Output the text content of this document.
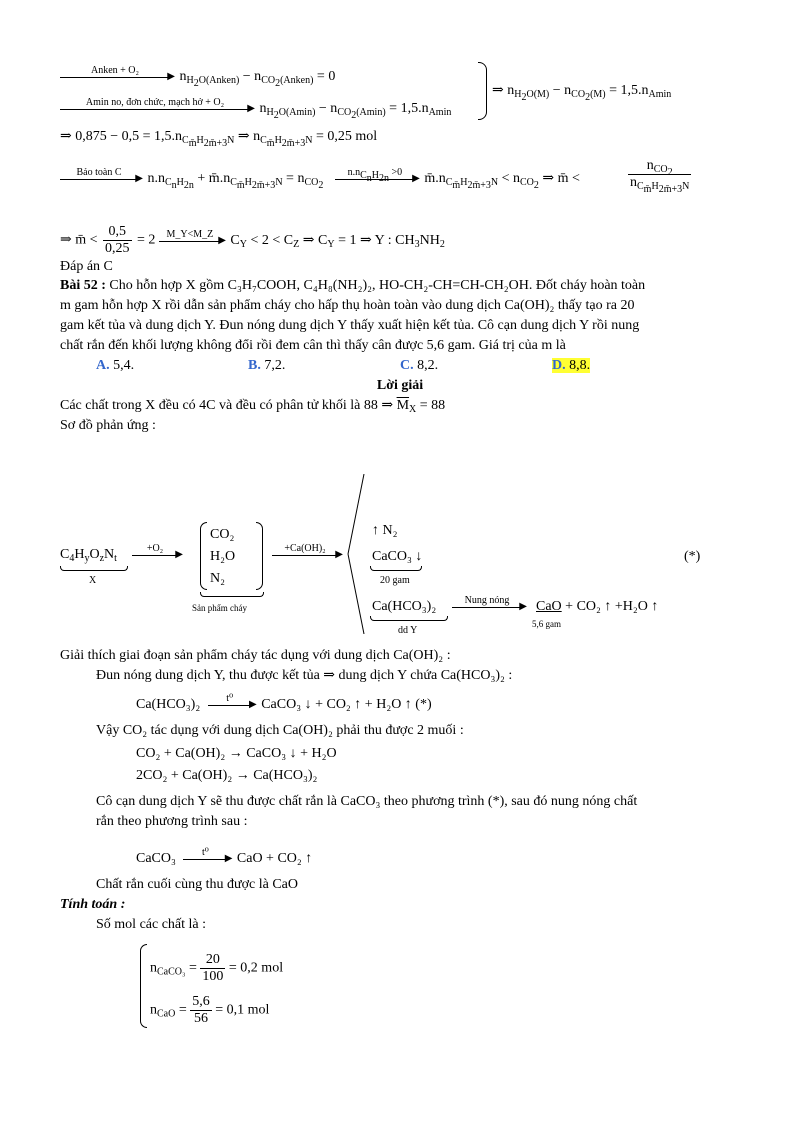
Anken + O₂
▶ $n_{H_2O(Anken)} - n_{CO_2(Anken)} = 0$
Amin no, đơn chức, mạch hở + O₂
▶ $n_{H_2O(Amin)} - n_{CO_2(Amin)} = 1,5.n_{Amin}$
⇒ $n_{H_2O(M)} - n_{CO_2(M)} = 1,5.n_{Amin}$
⇒ $0,875 - 0,5 = 1,5.n_{C_{m̄}H_{2m̄+3}N}$ ⇒ $n_{C_{m̄}H_{2m̄+3}N} = 0,25$ mol
Bảo toàn C
▶ $n.n_{C_nH_{2n}}$ + $m̄.n_{C_{m̄}H_{2m̄+3}N} = n_{CO_2}$
$n.n_{C_nH_{2n}} >0$
▶ $m̄.n_{C_{m̄}H_{2m̄+3}N} < n_{CO_2}$ ⇒ m̄ <
$n_{CO_2}$
$n_{C_{m̄}H_{2m̄+3}N}$
⇒ m̄ < $\frac{0,5}{0,25} = 2$ M_Y<M_Z
▶ $C_Y < 2 < C_Z$ ⇒ $C_Y = 1$ ⇒ Y : $CH_3NH_2$
Đáp án C
Bài 52 : Cho hỗn hợp X gồm C₃H₇COOH, C₄H₈(NH₂)₂, HO-CH₂-CH=CH-CH₂OH. Đốt cháy hoàn toàn
m gam hỗn hợp X rồi dẫn sản phẩm cháy cho hấp thụ hoàn toàn vào dung dịch Ca(OH)₂ thấy tạo ra 20
gam kết tủa và dung dịch Y. Đun nóng dung dịch Y thấy xuất hiện kết tủa. Cô cạn dung dịch Y rồi nung
chất rắn đến khối lượng không đổi rồi đem cân thì thấy cân được 5,6 gam. Giá trị của m là
A. 5,4.	B. 7,2.	C. 8,2.	D. 8,8.
Lời giải
Các chất trong X đều có 4C và đều có phân tử khối là 88 ⇒ $\overline{M}_X = 88$
Sơ đồ phản ứng :
$C_4H_yO_zN_t$
X
+O₂
▶
CO₂
H₂O
N₂
Sản phẩm cháy
+Ca(OH)₂
▶
↑ N₂
CaCO₃ ↓
20 gam
Ca(HCO₃)₂
dd Y
Nung nóng
▶ CaO + CO₂ ↑ +H₂O ↑
5,6 gam
(*)
Giải thích giai đoạn sản phẩm cháy tác dụng với dung dịch Ca(OH)₂ :
Đun nóng dung dịch Y, thu được kết tủa ⇒ dung dịch Y chứa Ca(HCO₃)₂ :
Ca(HCO₃)₂	t⁰
▶ CaCO₃ ↓ + CO₂ ↑ + H₂O ↑ (*)
Vậy CO₂ tác dụng với dung dịch Ca(OH)₂ phải thu được 2 muối :
CO₂ + Ca(OH)₂ → CaCO₃ ↓ + H₂O
2CO₂ + Ca(OH)₂ → Ca(HCO₃)₂
Cô cạn dung dịch Y sẽ thu được chất rắn là CaCO₃ theo phương trình (*), sau đó nung nóng chất
rắn theo phương trình sau :
CaCO₃	t⁰
▶ CaO + CO₂ ↑
Chất rắn cuối cùng thu được là CaO
Tính toán :
Số mol các chất là :
$n_{CaCO_3} = \frac{20}{100} = 0,2$ mol
$n_{CaO} = \frac{5,6}{56} = 0,1$ mol
